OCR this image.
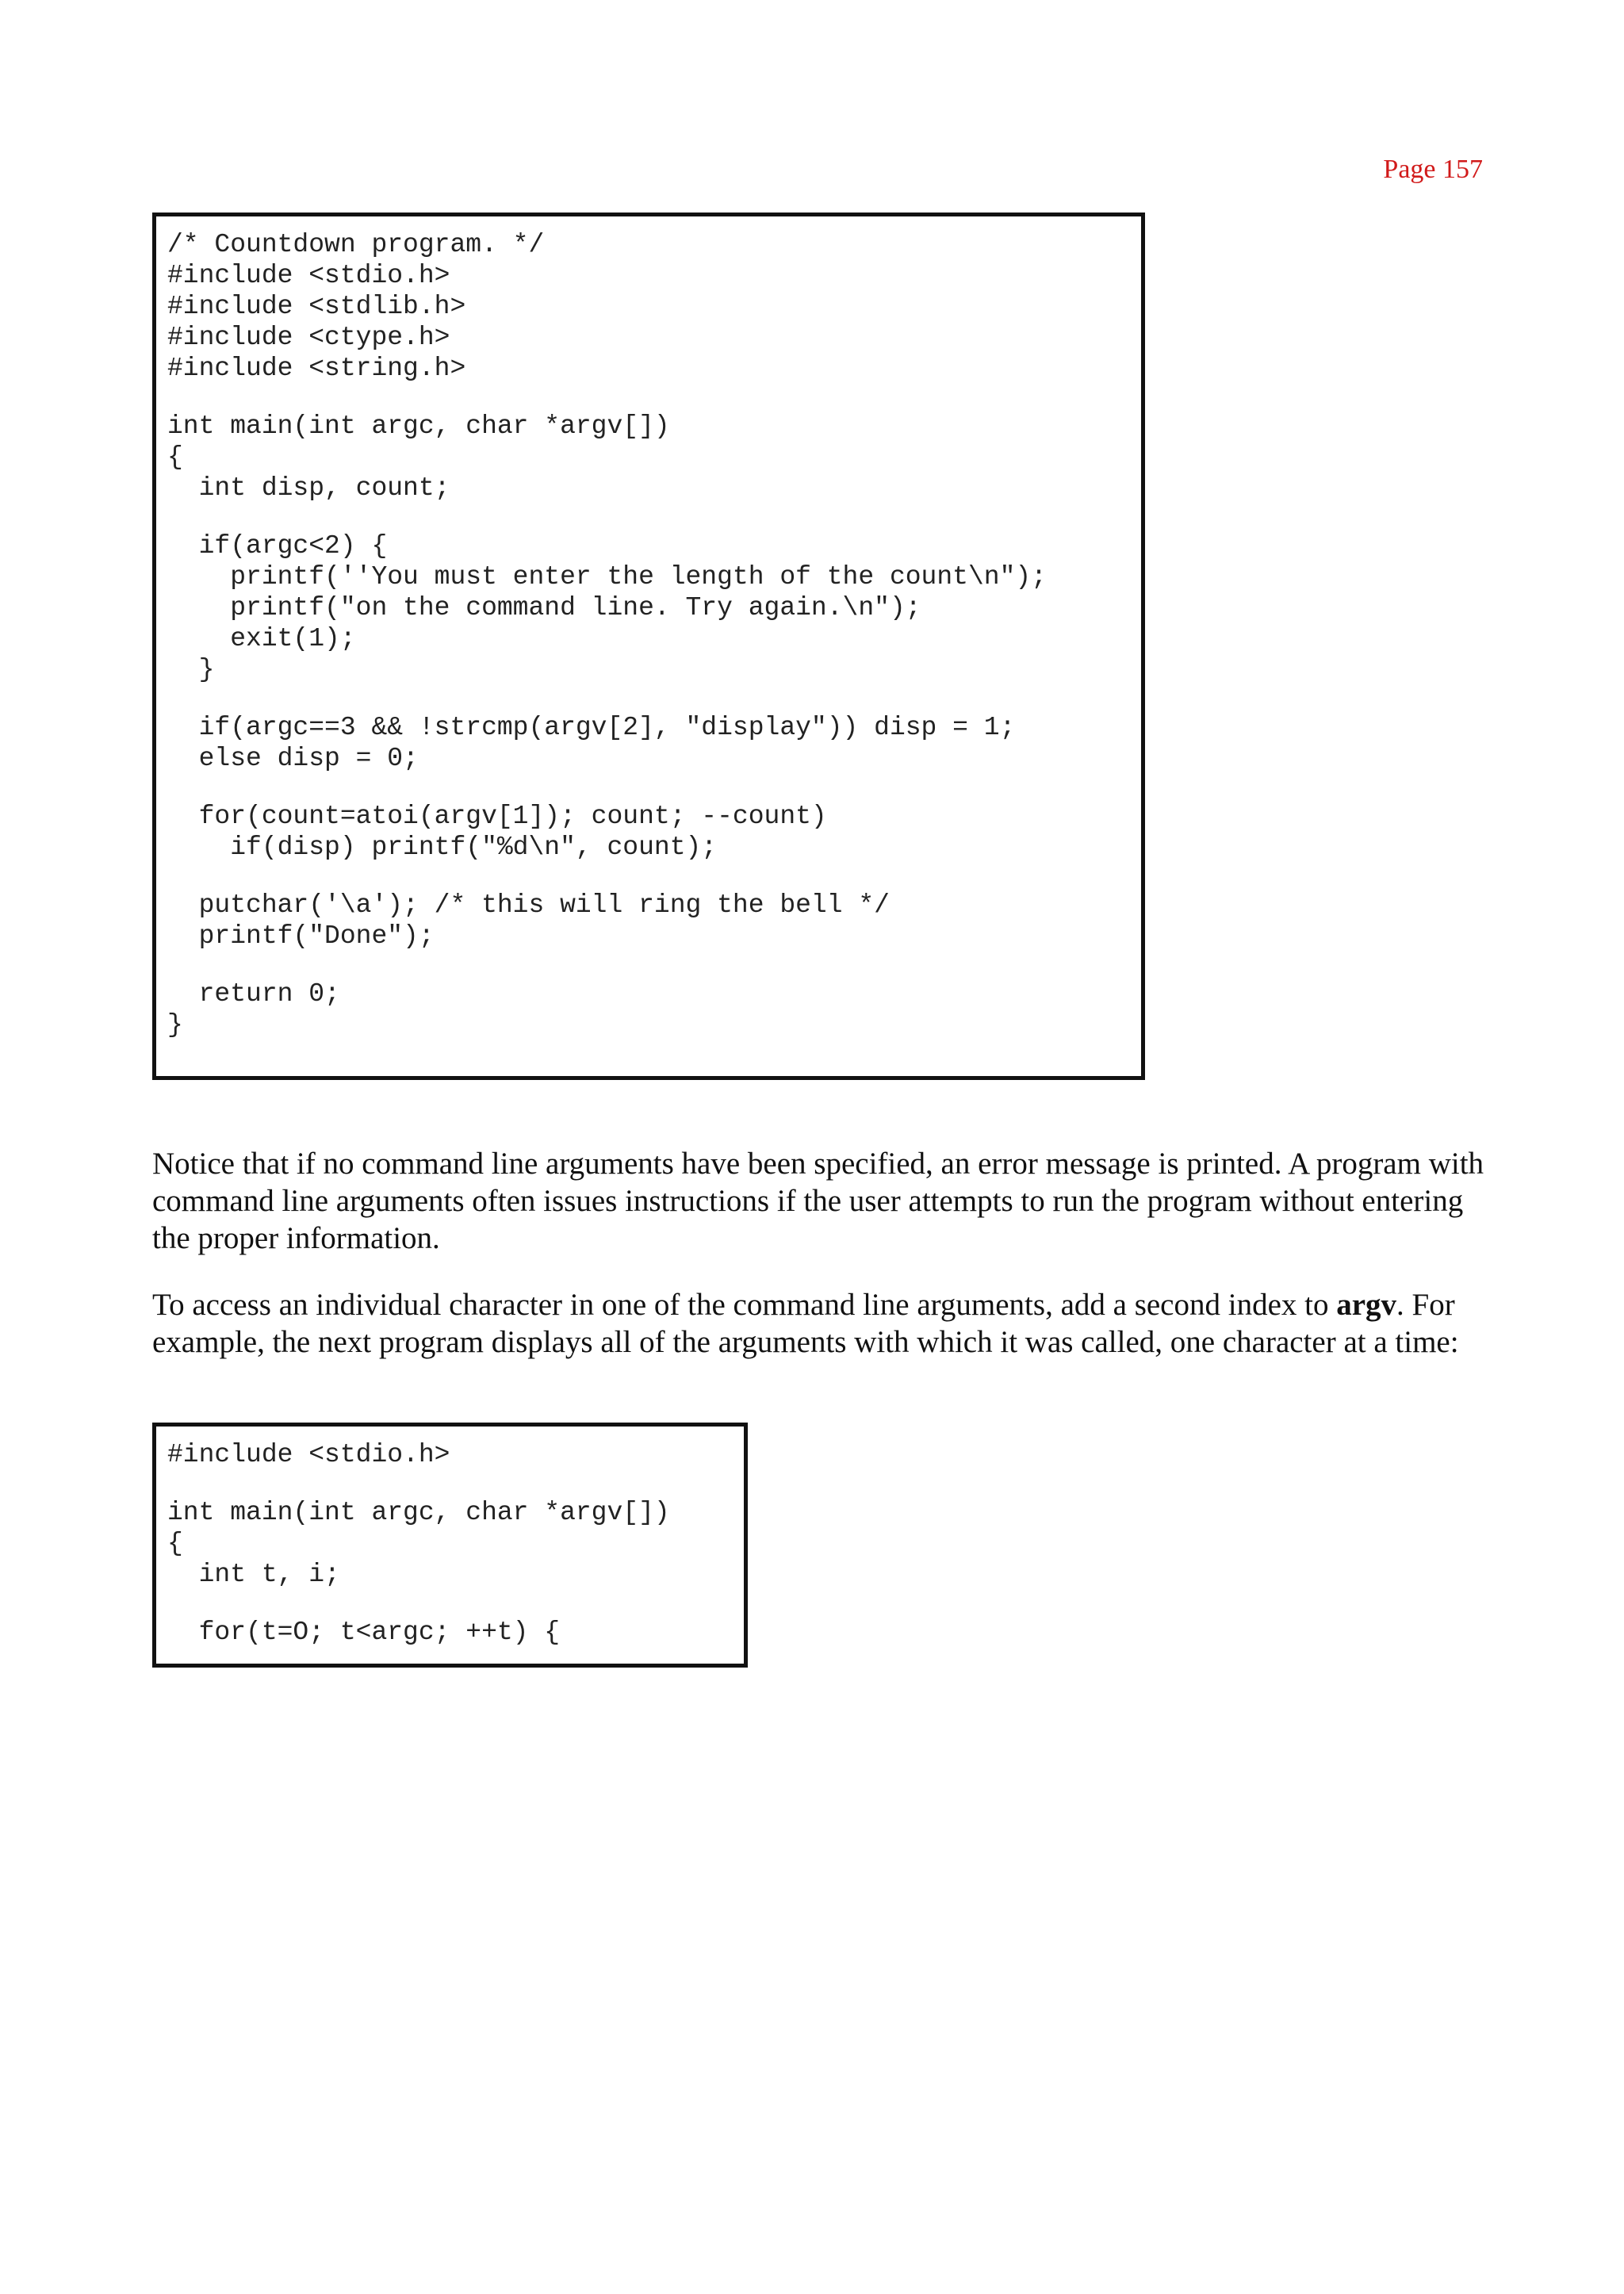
Page 157
/* Countdown program. */
#include <stdio.h>
#include <stdlib.h>
#include <ctype.h>
#include <string.h>
int main(int argc, char *argv[])
{
int disp, count;
if(argc<2) {
printf(''You must enter the length of the count\n");
printf("on the command line. Try again.\n");
exit(1);
}
if(argc==3 && !strcmp(argv[2], "display")) disp = 1;
else disp = 0;
for(count=atoi(argv[1]); count; --count)
if(disp) printf("%d\n", count);
putchar('\a'); /* this will ring the bell */
printf("Done");
return 0;
}

Notice that if no command line arguments have been specified, an error message is printed. A program with command line arguments often issues instructions if the user attempts to run the program without entering the proper information.

To access an individual character in one of the command line arguments, add a second index to argv. For example, the next program displays all of the arguments with which it was called, one character at a time:

#include <stdio.h>
int main(int argc, char *argv[])
{
int t, i;
for(t=O; t<argc; ++t) {
